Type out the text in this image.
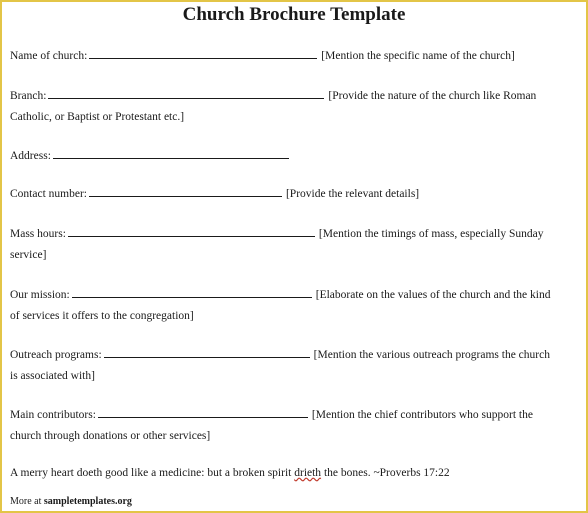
Church Brochure Template
Name of church:	[Mention the specific name of the church]
Branch:	[Provide the nature of the church like Roman
Catholic, or Baptist or Protestant etc.]
Address:
Contact number:	[Provide the relevant details]
Mass hours:	[Mention the timings of mass, especially Sunday
service]
Our mission:	[Elaborate on the values of the church and the kind
of services it offers to the congregation]
Outreach programs:	[Mention the various outreach programs the church
is associated with]
Main contributors:	[Mention the chief contributors who support the
church through donations or other services]
A merry heart doeth good like a medicine: but a broken spirit drieth the bones. ~Proverbs 17:22
More at sampletemplates.org
